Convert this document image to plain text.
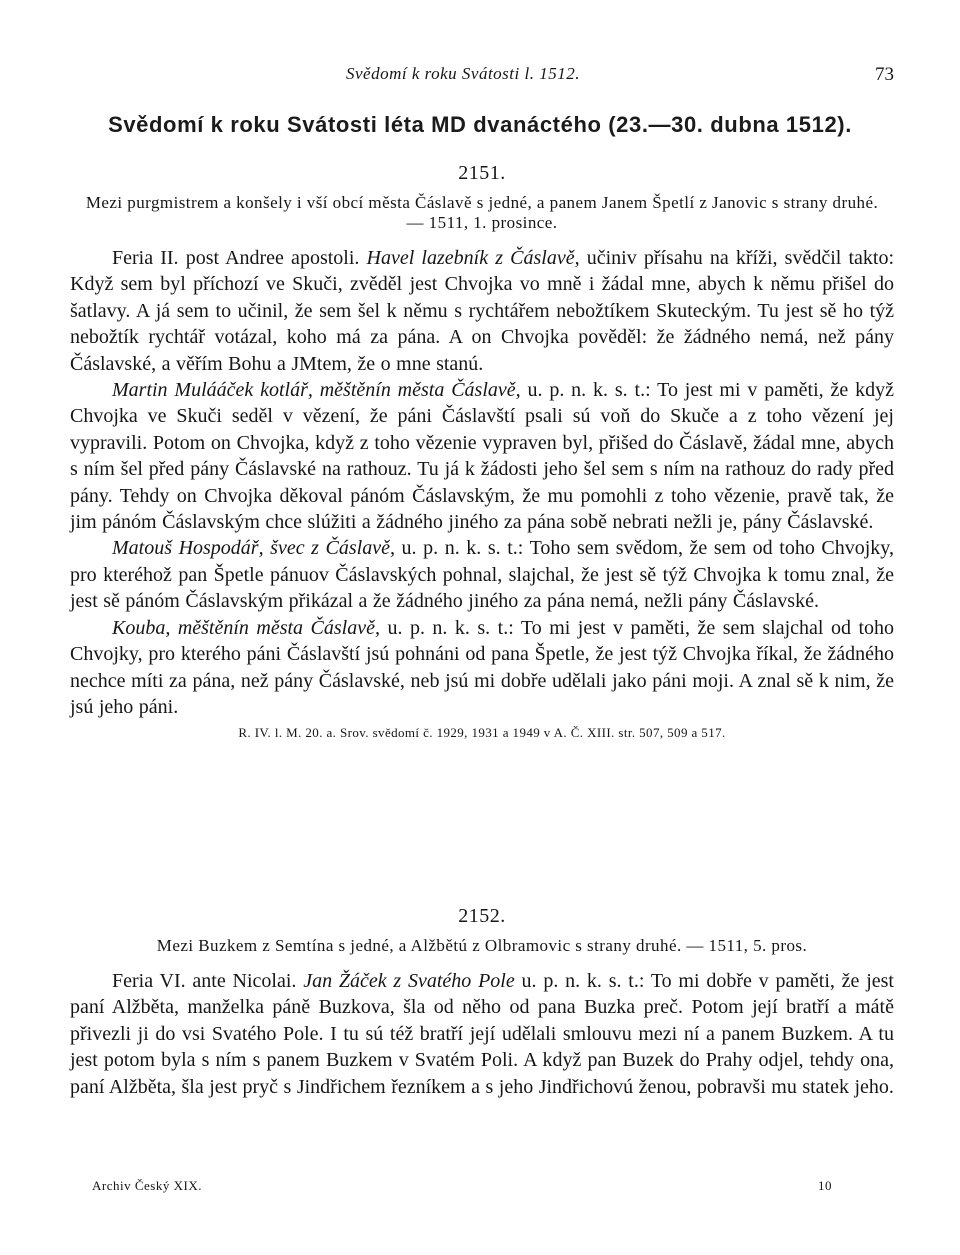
Svědomí k roku Svátosti l. 1512.	73
Svědomí k roku Svátosti léta MD dvanáctého (23.—30. dubna 1512).
2151.
Mezi purgmistrem a konšely i vší obcí města Čáslavě s jedné, a panem Janem Špetlí z Janovic s strany druhé. — 1511, 1. prosince.

Feria II. post Andree apostoli. Havel lazebník z Čáslavě, učiniv přísahu na kříži, svědčil takto: Když sem byl příchozí ve Skuči, zvěděl jest Chvojka vo mně i žádal mne, abych k němu přišel do šatlavy. A já sem to učinil, že sem šel k němu s rychtářem nebožtíkem Skuteckým. Tu jest sě ho týž nebožtík rychtář votázal, koho má za pána. A on Chvojka pověděl: že žádného nemá, než pány Čáslavské, a věřím Bohu a JMtem, že o mne stanú.

Martin Mulááček kotlář, měštěnín města Čáslavě, u. p. n. k. s. t.: To jest mi v paměti, že když Chvojka ve Skuči seděl v vězení, že páni Čáslavští psali sú voň do Skuče a z toho vězení jej vypravili. Potom on Chvojka, když z toho vězenie vypraven byl, přišed do Čáslavě, žádal mne, abych s ním šel před pány Čáslavské na rathouz. Tu já k žádosti jeho šel sem s ním na rathouz do rady před pány. Tehdy on Chvojka děkoval pánóm Čáslavským, že mu pomohli z toho vězenie, pravě tak, že jim pánóm Čáslavským chce slúžiti a žádného jiného za pána sobě nebrati nežli je, pány Čáslavské.

Matouš Hospodář, švec z Čáslavě, u. p. n. k. s. t.: Toho sem svědom, že sem od toho Chvojky, pro kteréhož pan Špetle pánuov Čáslavských pohnal, slajchal, že jest sě týž Chvojka k tomu znal, že jest sě pánóm Čáslavským přikázal a že žádného jiného za pána nemá, nežli pány Čáslavské.

Kouba, měštěnín města Čáslavě, u. p. n. k. s. t.: To mi jest v paměti, že sem slajchal od toho Chvojky, pro kterého páni Čáslavští jsú pohnáni od pana Špetle, že jest týž Chvojka říkal, že žádného nechce míti za pána, než pány Čáslavské, neb jsú mi dobře udělali jako páni moji. A znal sě k nim, že jsú jeho páni.

R. IV. l. M. 20. a. Srov. svědomí č. 1929, 1931 a 1949 v A. Č. XIII. str. 507, 509 a 517.
2152.
Mezi Buzkem z Semtína s jedné, a Alžbětú z Olbramovic s strany druhé. — 1511, 5. pros.

Feria VI. ante Nicolai. Jan Žáček z Svatého Pole u. p. n. k. s. t.: To mi dobře v paměti, že jest paní Alžběta, manželka páně Buzkova, šla od něho od pana Buzka preč. Potom její bratří a mátě přivezli ji do vsi Svatého Pole. I tu sú též bratří její udělali smlouvu mezi ní a panem Buzkem. A tu jest potom byla s ním s panem Buzkem v Svatém Poli. A když pan Buzek do Prahy odjel, tehdy ona, paní Alžběta, šla jest pryč s Jindřichem řezníkem a s jeho Jindřichovú ženou, pobravši mu statek jeho.

Archiv Český XIX.	10
